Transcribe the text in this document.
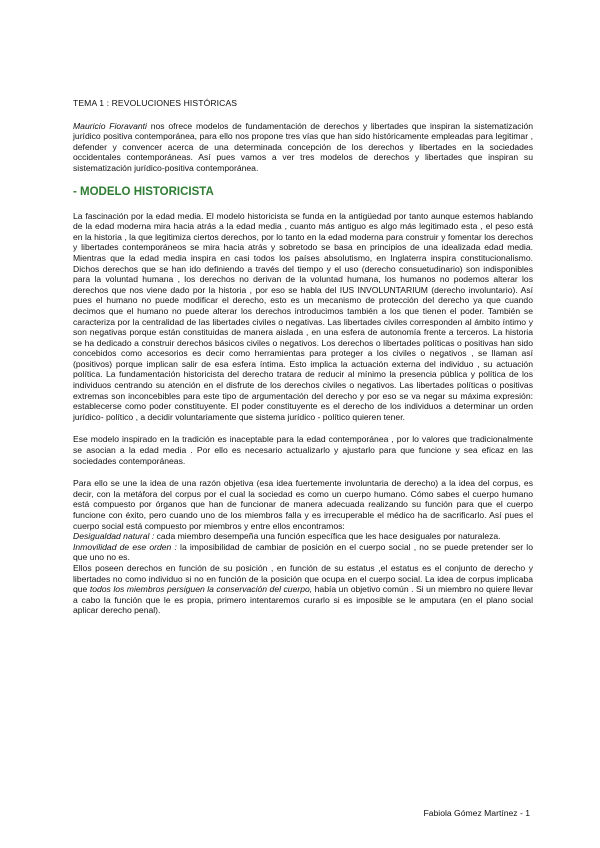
TEMA 1 : REVOLUCIONES HISTÓRICAS
Mauricio Fioravanti nos ofrece modelos de fundamentación de derechos y libertades que inspiran la sistematización jurídico positiva contemporánea, para ello nos propone tres vías que han sido históricamente empleadas para legitimar , defender y convencer acerca de una determinada concepción de los derechos y libertades en la sociedades occidentales contemporáneas. Así pues vamos a ver tres modelos de derechos y libertades que inspiran su sistematización jurídico-positiva contemporánea.
- MODELO HISTORICISTA
La fascinación por la edad media. El modelo historicista se funda en la antigüedad por tanto aunque estemos hablando de la edad moderna mira hacia atrás a la edad media , cuanto más antiguo es algo más legitimado esta , el peso está en la historia , la que legitimiza ciertos derechos, por lo tanto en la edad moderna para construir y fomentar los derechos y libertades contemporáneos se mira hacia atrás y sobretodo se basa en principios de una idealizada edad media. Mientras que la edad media inspira en casi todos los países absolutismo, en Inglaterra inspira constitucionalismo. Dichos derechos que se han ido definiendo a través del tiempo y el uso (derecho consuetudinario) son indisponibles para la voluntad humana , los derechos no derivan de la voluntad humana, los humanos no podemos alterar los derechos que nos viene dado por la historia , por eso se habla del IUS INVOLUNTARIUM (derecho involuntario). Así pues el humano no puede modificar el derecho, esto es un mecanismo de protección del derecho ya que cuando decimos que el humano no puede alterar los derechos introducimos también a los que tienen el poder. También se caracteriza por la centralidad de las libertades civiles o negativas. Las libertades civiles corresponden al ámbito íntimo y son negativas porque están constituidas de manera aislada , en una esfera de autonomía frente a terceros. La historia se ha dedicado a construir derechos básicos civiles o negativos. Los derechos o libertades políticas o positivas han sido concebidos como accesorios es decir como herramientas para proteger a los civiles o negativos , se llaman así (positivos) porque implican salir de esa esfera íntima. Esto implica la actuación externa del individuo , su actuación política. La fundamentación historicista del derecho tratara de reducir al mínimo la presencia pública y política de los individuos centrando su atención en el disfrute de los derechos civiles o negativos. Las libertades políticas o positivas extremas son inconcebibles para este tipo de argumentación del derecho y por eso se va negar su máxima expresión: establecerse como poder constituyente. El poder constituyente es el derecho de los individuos a determinar un orden jurídico- político , a decidir voluntariamente que sistema jurídico - político quieren tener.
Ese modelo inspirado en la tradición es inaceptable para la edad contemporánea , por lo valores que tradicionalmente se asocian a la edad media . Por ello es necesario actualizarlo y ajustarlo para que funcione y sea eficaz en las sociedades contemporáneas.
Para ello se une la idea de una razón objetiva (esa idea fuertemente involuntaria de derecho) a la idea del corpus, es decir, con la metáfora del corpus por el cual la sociedad es como un cuerpo humano. Cómo sabes el cuerpo humano está compuesto por órganos que han de funcionar de manera adecuada realizando su función para que el cuerpo funcione con éxito, pero cuando uno de los miembros falla y es irrecuperable el médico ha de sacrificarlo. Así pues el cuerpo social está compuesto por miembros y entre ellos encontramos:
Desigualdad natural : cada miembro desempeña una función específica que les hace desiguales por naturaleza.
Inmovilidad de ese orden : la imposibilidad de cambiar de posición en el cuerpo social , no se puede pretender ser lo que uno no es.
Ellos poseen derechos en función de su posición , en función de su estatus ,el estatus es el conjunto de derecho y libertades no como individuo si no en función de la posición que ocupa en el cuerpo social. La idea de corpus implicaba que todos los miembros persiguen la conservación del cuerpo, había un objetivo común . Si un miembro no quiere llevar a cabo la función que le es propia, primero intentaremos curarlo si es imposible se le amputara (en el plano social aplicar derecho penal).
Fabiola Gómez Martínez - 1
